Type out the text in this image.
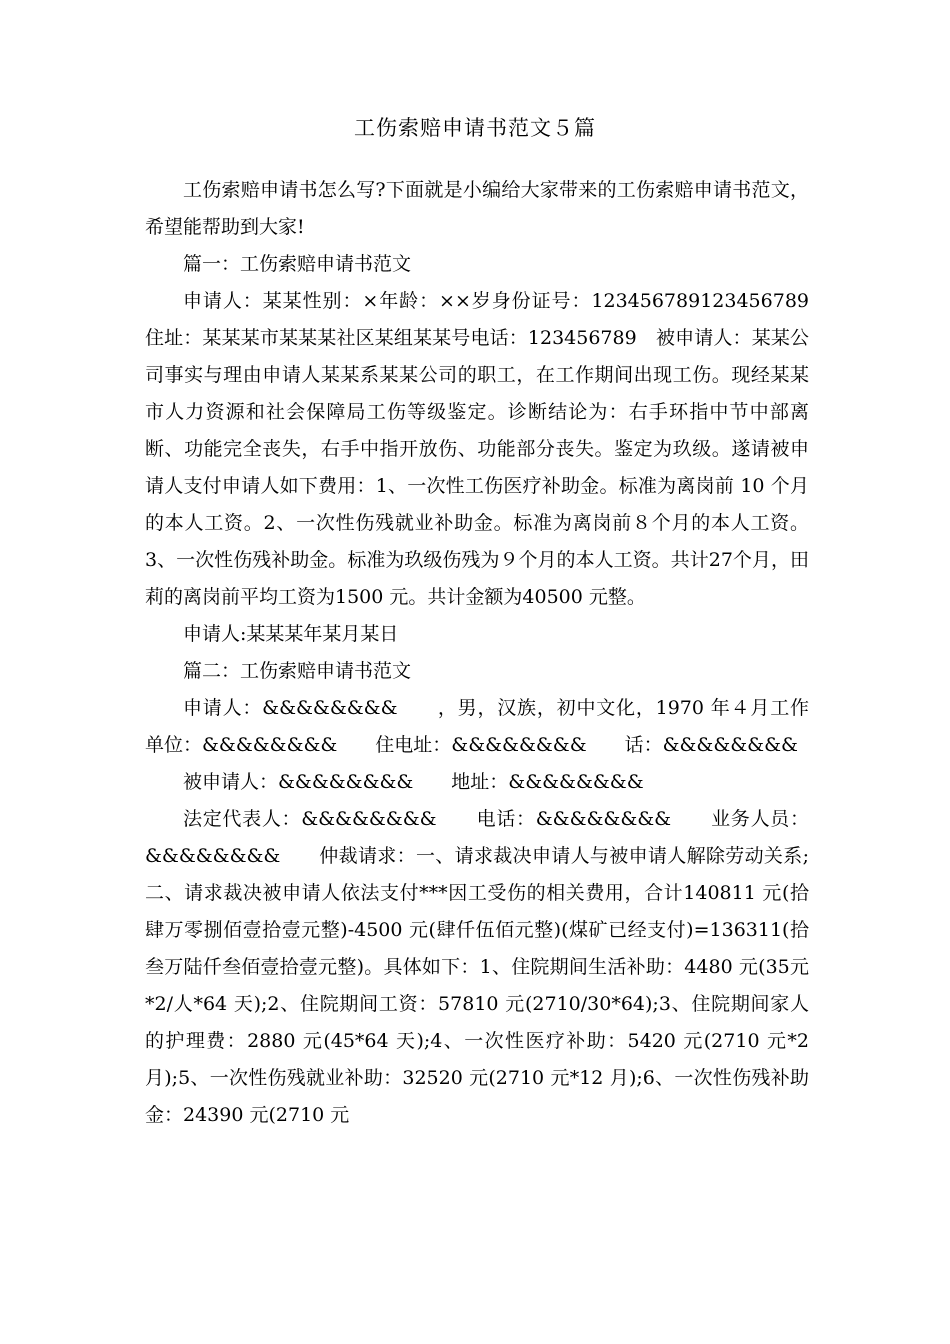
工伤索赔申请书范文５篇

工伤索赔申请书怎么写?下面就是小编给大家带来的工伤索赔申请书范文，希望能帮助到大家!

篇一：工伤索赔申请书范文

申请人：某某性别：×年龄：××岁身份证号：123456789123456789　住址：某某某市某某某社区某组某某号电话：123456789　被申请人：某某公司事实与理由申请人某某系某某公司的职工，在工作期间出现工伤。现经某某市人力资源和社会保障局工伤等级鉴定。诊断结论为：右手环指中节中部离断、功能完全丧失，右手中指开放伤、功能部分丧失。鉴定为玖级。遂请被申请人支付申请人如下费用：1、一次性工伤医疗补助金。标准为离岗前 10 个月的本人工资。2、一次性伤残就业补助金。标准为离岗前８个月的本人工资。3、一次性伤残补助金。标准为玖级伤残为９个月的本人工资。共计27个月，田莉的离岗前平均工资为1500 元。共计金额为40500 元整。

申请人:某某某年某月某日

篇二：工伤索赔申请书范文

申请人：&&&&&&&&　　，男，汉族，初中文化，1970 年４月工作单位：&&&&&&&&　　住电址：&&&&&&&&　　话：&&&&&&&&

被申请人：&&&&&&&&　　地址：&&&&&&&&

法定代表人：&&&&&&&&　　电话：&&&&&&&&　　业务人员：&&&&&&&&　　仲裁请求：一、请求裁决申请人与被申请人解除劳动关系;二、请求裁决被申请人依法支付***因工受伤的相关费用，合计140811 元(拾肆万零捌佰壹拾壹元整)-4500 元(肆仟伍佰元整)(煤矿已经支付)=136311(拾叁万陆仟叁佰壹拾壹元整)。具体如下：1、住院期间生活补助：4480 元(35元*2/人*64 天);2、住院期间工资：57810 元(2710/30*64);3、住院期间家人的护理费：2880 元(45*64 天);4、一次性医疗补助：5420 元(2710 元*2 月);5、一次性伤残就业补助：32520 元(2710 元*12 月);6、一次性伤残补助金：24390 元(2710 元
